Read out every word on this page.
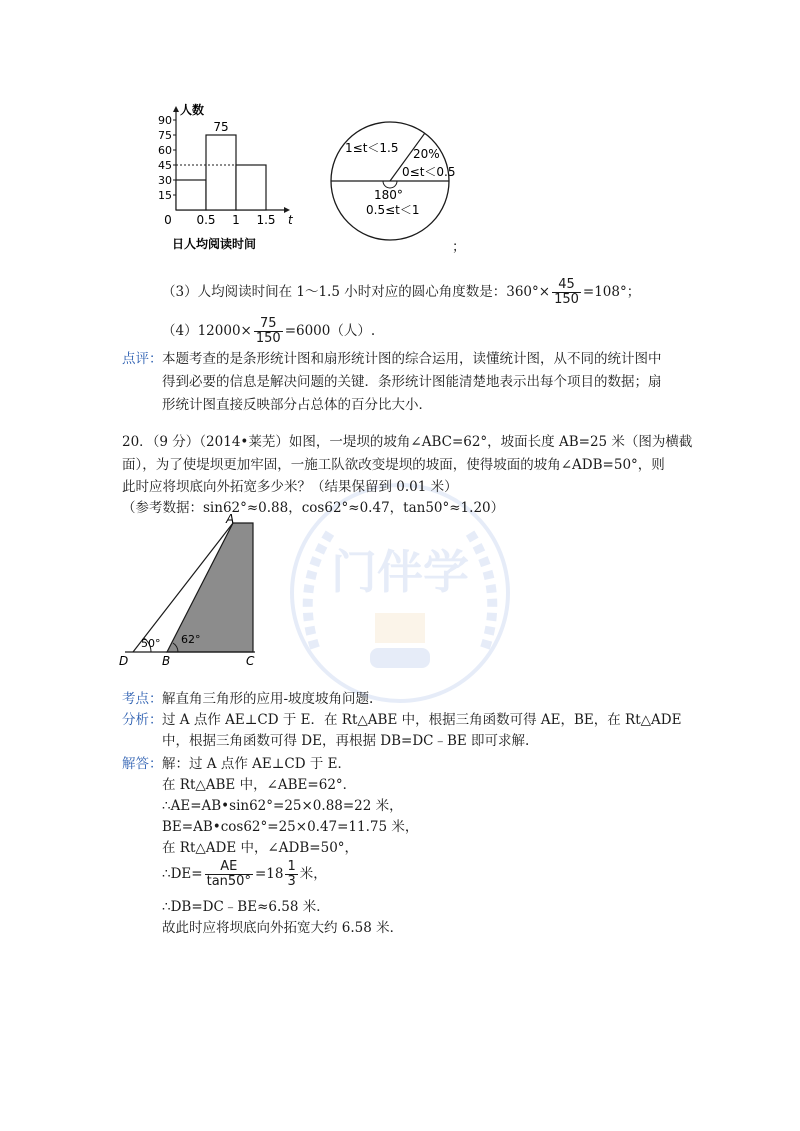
门伴学
人数
90
75
60
45
30
15
75
0 0.5 1 1.5 t
日人均阅读时间
1≤t＜1.5 20%
0≤t＜0.5
180°
0.5≤t＜1
；
（3）人均阅读时间在 1～1.5 小时对应的圆心角度数是：$360^\circ\times \frac{45}{150} =108^\circ$；
$(4)12000\times \frac{75}{150} =6000$（人）.
点评： 本题考查的是条形统计图和扇形统计图的综合运用，读懂统计图，从不同的统计图中
得到必要的信息是解决问题的关键．条形统计图能清楚地表示出每个项目的数据；扇
形统计图直接反映部分占总体的百分比大小．
20．（9 分）（2014•莱芜）如图，一堤坝的坡角∠ABC=62°，坡面长度 AB=25 米（图为横截
面），为了使堤坝更加牢固，一施工队欲改变堤坝的坡面，使得坡面的坡角∠ADB=50°，则
此时应将坝底向外拓宽多少米？（结果保留到 0.01 米）
（参考数据：sin62°≈0.88，cos62°≈0.47，tan50°≈1.20）
A
D	B	C
50° 62°
考点： 解直角三角形的应用-坡度坡角问题.
分析： 过 A 点作 AE⊥CD 于 E．在 Rt△ABE 中，根据三角函数可得 AE，BE，在 Rt△ADE
中，根据三角函数可得 DE，再根据 DB=DC﹣BE 即可求解.
解答： 解：过 A 点作 AE⊥CD 于 E．
在 Rt△ABE 中，∠ABE=62°．
∴AE=AB•sin62°=25×0.88=22 米，
BE=AB•cos62°=25×0.47=11.75 米，
在 Rt△ADE 中，∠ADB=50°，
∴DE= $\frac{AE}{\tan 50^\circ} =18 \frac{1}{3}$ 米，
∴DB=DC﹣BE≈6.58 米．
故此时应将坝底向外拓宽大约 6.58 米．
